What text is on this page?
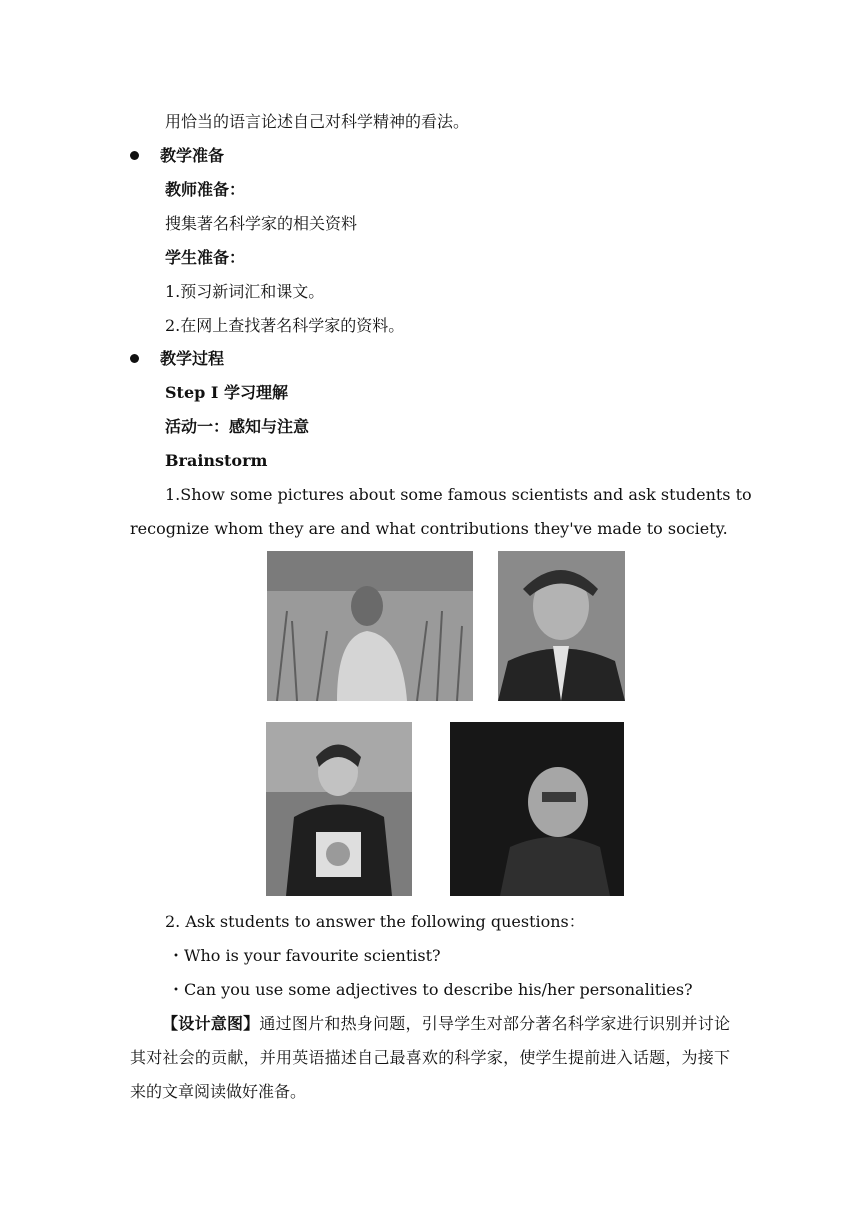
用恰当的语言论述自己对科学精神的看法。
教学准备
教师准备：
搜集著名科学家的相关资料
学生准备：
1.预习新词汇和课文。
2.在网上查找著名科学家的资料。
教学过程
Step I 学习理解
活动一：感知与注意
Brainstorm
1.Show some pictures about some famous scientists and ask students to
recognize whom they are and what contributions they've made to society.
2. Ask students to answer the following questions：
・Who is your favourite scientist?
・Can you use some adjectives to describe his/her personalities?
【设计意图】通过图片和热身问题，引导学生对部分著名科学家进行识别并讨论其对社会的贡献，并用英语描述自己最喜欢的科学家，使学生提前进入话题，为接下来的文章阅读做好准备。
